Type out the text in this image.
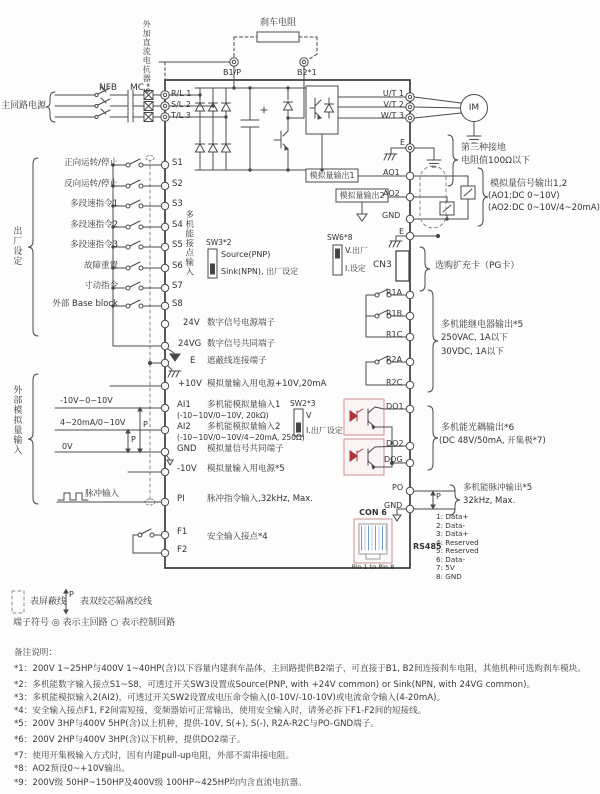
刹车电阻
外加直流电抗器*9
NFB MC
主回路电源
R/L 1
S/L 2
T/L 3
B1/P	B2*1
U/T 1
V/T 2
W/T 3
IM
E
第三种接地
电阻值100Ω以下
模拟量输出1
模拟量输出2
AO1
AO2
GND
模拟量信号输出1,2
(AO1:DC 0~10V)
(AO2:DC 0~10V/4~20mA)
E
SW6*8
V.出厂
I.设定 CN3	选购扩充卡（PG卡）
R1A
R1B
R1C
R2A
R2C
多机能继电器输出*5
250VAC, 1A以下
30VDC, 1A以下
DO1
DO2
DOG
多机能光耦输出*6
(DC 48V/50mA, 开集极*7)
PO
GND
P
多机能脉冲输出*5
32kHz, Max.
CON 6
Pin 1 to Pin 8
RS485
1: Data+
2: Data-
3: Data+
4: Reserved
5: Reserved
6: Data-
7: 5V
8: GND
出厂设定
正向运转/停止
反向运转/停止
多段速指令1
多段速指令2
多段速指令3
故障重置
寸动指令
外部 Base block
S1
S2
S3
S4
S5
S6
S7
S8
多机能接点输入 SW3*2
Source(PNP)
Sink(NPN), 出厂设定
24V 数字信号电源端子
24VG 数字信号共同端子
E 遮蔽线连接端子
外部模拟量输入
+10V 模拟量输入用电源+10V,20mA
-10V~0~10V	AI1 多机能模拟量输入1
(-10~10V/0~10V, 20kΩ)
4~20mA/0~10V	AI2 多机能模拟量输入2
(-10~10V/0~10V/4~20mA, 250Ω)
0V	GND 模拟量信号共同端子
-10V 模拟量输入用电源*5
脉冲输入	PI	脉冲指令输入,32kHz, Max.
SW2*3
V
I.出厂设定
P
P
F1
F2
安全输入接点*4
表屏蔽线
P
表双绞芯隔离绞线
端子符号 ◎ 表示主回路 ○ 表示控制回路
备注说明：
*1：200V 1~25HP与400V 1~40HP(含)以下容量内建刹车晶体，主回路提供B2端子，可直接于B1, B2间连接刹车电阻，其他机种可选购刹车模块。
*2：多机能数字输入接点S1~S8，可透过开关SW3设置成Source(PNP, with +24V common) or Sink(NPN, with 24VG common)。
*3：多机能模拟输入2(AI2)，可透过开关SW2设置成电压命令输入(0-10V/-10-10V)或电流命令输入(4-20mA)。
*4：安全输入接点F1, F2间需短接，变频器始可正常输出，使用安全输入时，请务必拆下F1-F2间的短接线。
*5：200V 3HP与400V 5HP(含)以上机种，提供-10V, S(+), S(-), R2A-R2C与PO-GND端子。
*6：200V 2HP与400V 3HP(含)以下机种，提供DO2端子。
*7：使用开集极输入方式时，因有内建pull-up电阻，外部不需串接电阻。
*8：AO2预设0~+10V输出。
*9：200V级 50HP~150HP及400V级 100HP~425HP均内含直流电抗器。
